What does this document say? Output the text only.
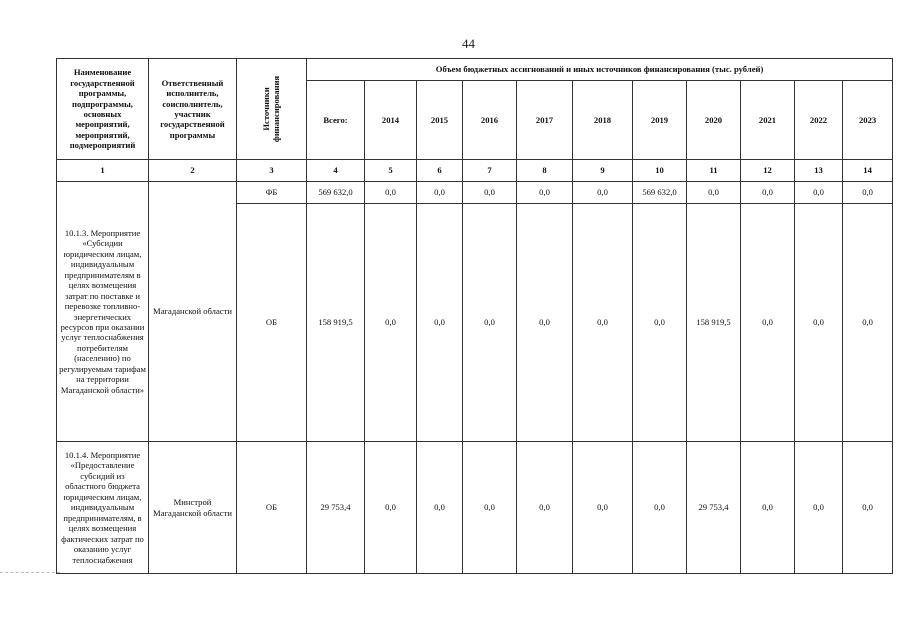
44
Наименование государственной программы, подпрограммы, основных мероприятий, мероприятий, подмероприятий	Ответственный исполнитель, соисполнитель, участник государственной программы	Источники финансирования	Объем бюджетных ассигнований и иных источников финансирования (тыс. рублей)										
			Всего:	2014	2015	2016	2017	2018	2019	2020	2021	2022	2023
1	2	3	4	5	6	7	8	9	10	11	12	13	14
10.1.3. Мероприятие «Субсидии юридическим лицам, индивидуальным предпринимателям в целях возмещения затрат по поставке и перевозке топливно-энергетических ресурсов при оказании услуг теплоснабжения потребителям (населению) по регулируемым тарифам на территории Магаданской области»	Магаданской области	ФБ	569 632,0	0,0	0,0	0,0	0,0	0,0	569 632,0	0,0	0,0	0,0	0,0
		ОБ	158 919,5	0,0	0,0	0,0	0,0	0,0	0,0	158 919,5	0,0	0,0	0,0
10.1.4. Мероприятие «Предоставление субсидий из областного бюджета юридическим лицам, индивидуальным предпринимателям, в целях возмещения фактических затрат по оказанию услуг теплоснабжения	Минстрой Магаданской области	ОБ	29 753,4	0,0	0,0	0,0	0,0	0,0	0,0	29 753,4	0,0	0,0	0,0
